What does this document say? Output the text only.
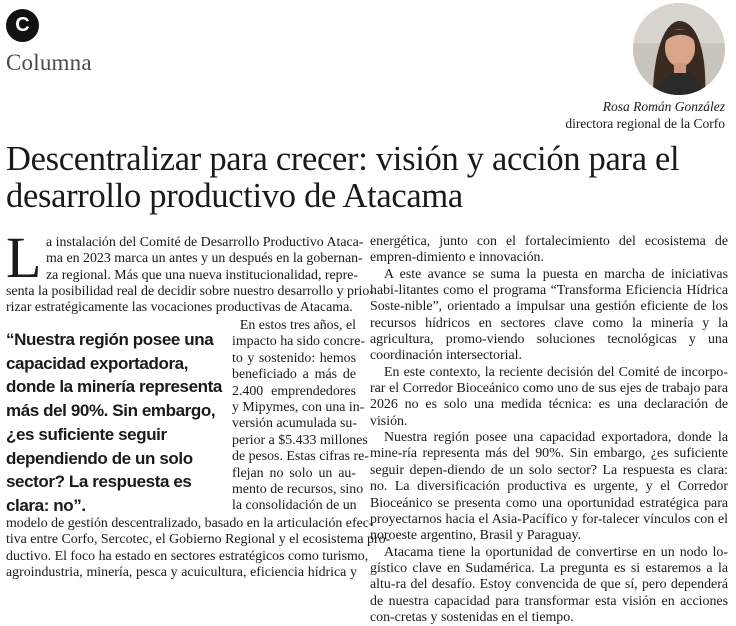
C
Columna
Rosa Román González
directora regional de la Corfo
Descentralizar para crecer: visión y acción para el
desarrollo productivo de Atacama
L a instalación del Comité de Desarrollo Productivo Ataca-
ma en 2023 marca un antes y un después en la gobernan-
za regional. Más que una nueva institucionalidad, repre-
senta la posibilidad real de decidir sobre nuestro desarrollo y prio-
rizar estratégicamente las vocaciones productivas de Atacama.
“Nuestra región posee una capacidad exportadora, donde la minería representa más del 90%. Sin embargo, ¿es suficiente seguir dependiendo de un solo sector? La respuesta es clara: no”.
En estos tres años, el
impacto ha sido concre-
to y sostenido: hemos
beneficiado a más de
2.400 emprendedores
y Mipymes, con una in-
versión acumulada su-
perior a $5.433 millones
de pesos. Estas cifras re-
flejan no solo un au-
mento de recursos, sino
la consolidación de un
modelo de gestión descentralizado, basado en la articulación efec-
tiva entre Corfo, Sercotec, el Gobierno Regional y el ecosistema pro-
ductivo. El foco ha estado en sectores estratégicos como turismo,
agroindustria, minería, pesca y acuicultura, eficiencia hídrica y

energética, junto con el fortalecimiento del ecosistema de empren-dimiento e innovación.

A este avance se suma la puesta en marcha de iniciativas habi-litantes como el programa “Transforma Eficiencia Hídrica Soste-nible”, orientado a impulsar una gestión eficiente de los recursos hídricos en sectores clave como la minería y la agricultura, promo-viendo soluciones tecnológicas y una coordinación intersectorial.

En este contexto, la reciente decisión del Comité de incorpo-rar el Corredor Bioceánico como uno de sus ejes de trabajo para 2026 no es solo una medida técnica: es una declaración de visión.

Nuestra región posee una capacidad exportadora, donde la mine-ría representa más del 90%. Sin embargo, ¿es suficiente seguir depen-diendo de un solo sector? La respuesta es clara: no. La diversificación productiva es urgente, y el Corredor Bioceánico se presenta como una oportunidad estratégica para proyectarnos hacia el Asia-Pacífico y for-talecer vínculos con el noroeste argentino, Brasil y Paraguay.

Atacama tiene la oportunidad de convertirse en un nodo lo-gístico clave en Sudamérica. La pregunta es si estaremos a la altu-ra del desafío. Estoy convencida de que sí, pero dependerá de nuestra capacidad para transformar esta visión en acciones con-cretas y sostenidas en el tiempo.
